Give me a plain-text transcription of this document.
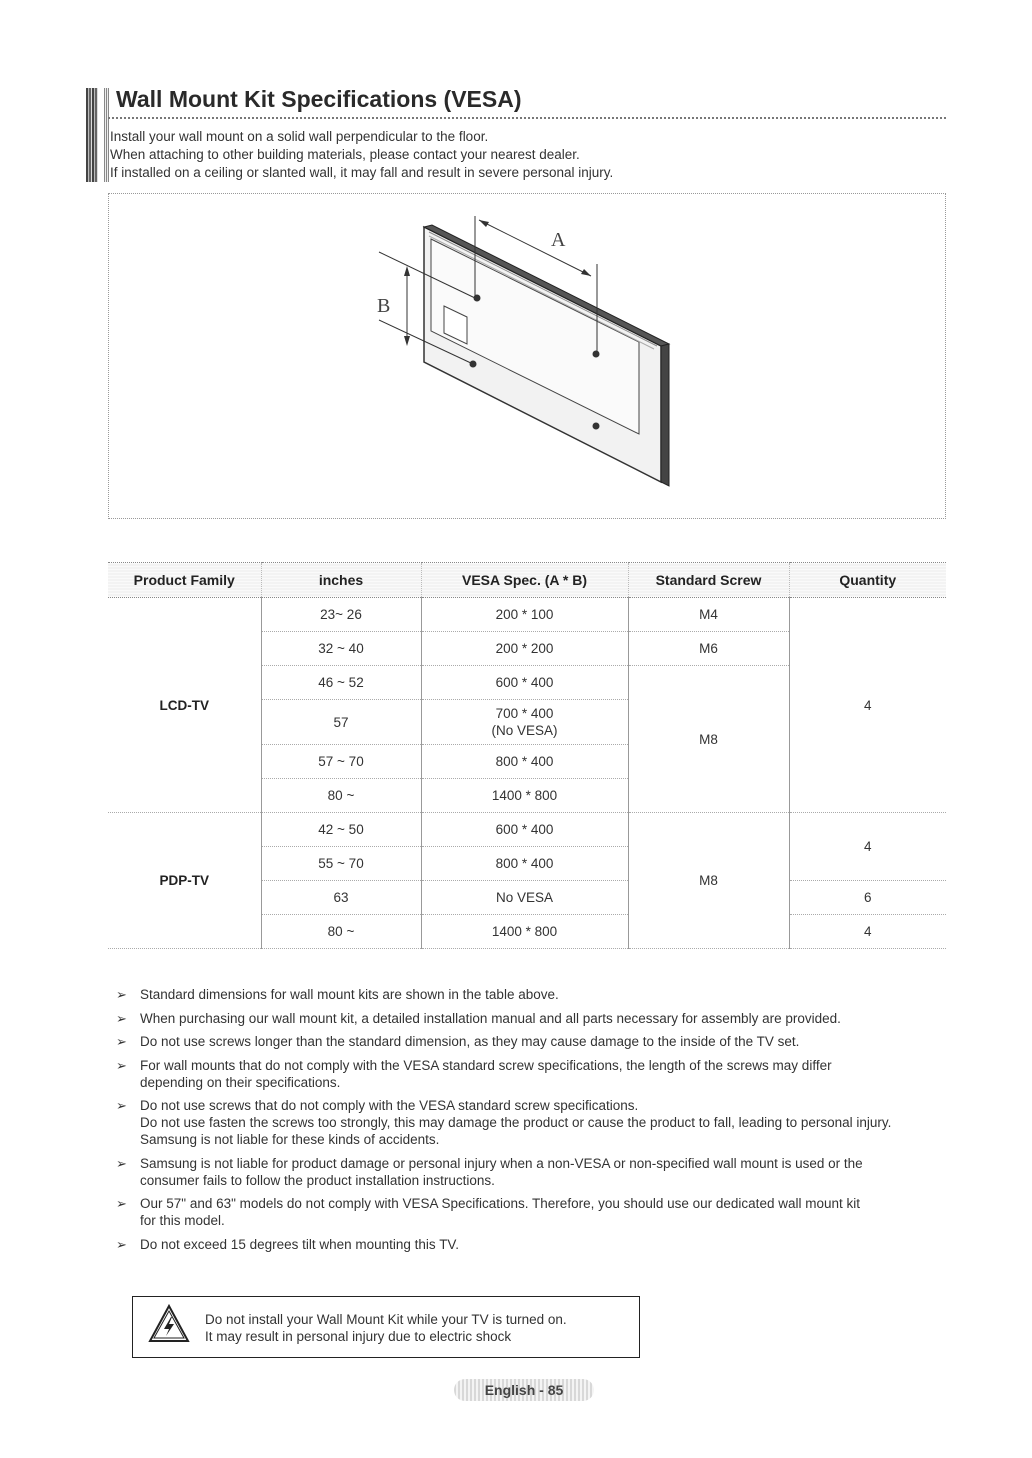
Wall Mount Kit Specifications (VESA)
Install your wall mount on a solid wall perpendicular to the floor.
When attaching to other building materials, please contact your nearest dealer.
If installed on a ceiling or slanted wall, it may fall and result in severe personal injury.
A
B
Product Family	inches	VESA Spec. (A * B)	Standard Screw	Quantity
LCD-TV	23~ 26	200 * 100	M4	4
	32 ~ 40	200 * 200	M6	
	46 ~ 52	600 * 400	M8	
	57	700 * 400
(No VESA)		

	57 ~ 70	800 * 400		
	80 ~	1400 * 800		
PDP-TV	42 ~ 50	600 * 400	M8	4
	55 ~ 70	800 * 400		
	63	No VESA		6
	80 ~	1400 * 800		4
➢ Standard dimensions for wall mount kits are shown in the table above.
➢ When purchasing our wall mount kit, a detailed installation manual and all parts necessary for assembly are provided.
➢ Do not use screws longer than the standard dimension, as they may cause damage to the inside of the TV set.
➢ For wall mounts that do not comply with the VESA standard screw specifications, the length of the screws may differ
depending on their specifications.
➢ Do not use screws that do not comply with the VESA standard screw specifications.
Do not use fasten the screws too strongly, this may damage the product or cause the product to fall, leading to personal injury.
Samsung is not liable for these kinds of accidents.
➢ Samsung is not liable for product damage or personal injury when a non-VESA or non-specified wall mount is used or the
consumer fails to follow the product installation instructions.
➢ Our 57" and 63" models do not comply with VESA Specifications. Therefore, you should use our dedicated wall mount kit
for this model.
➢ Do not exceed 15 degrees tilt when mounting this TV.
Do not install your Wall Mount Kit while your TV is turned on.
It may result in personal injury due to electric shock
English - 85
